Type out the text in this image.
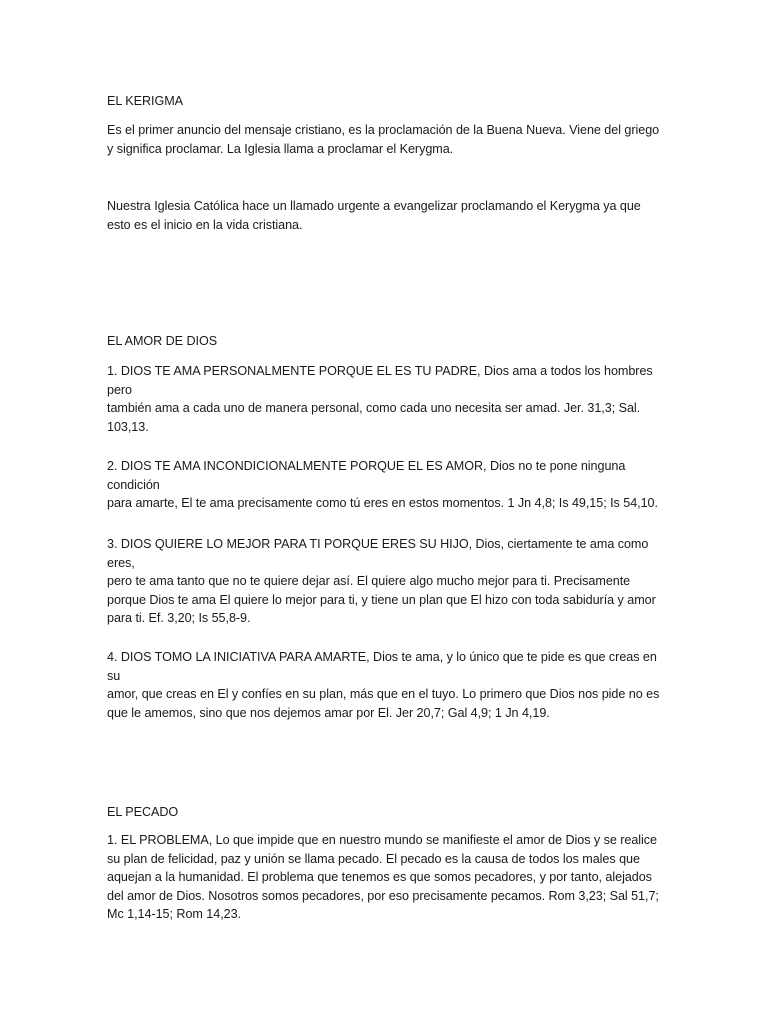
EL KERIGMA

Es el primer anuncio del mensaje cristiano, es la proclamación de la Buena Nueva. Viene del griego
y significa proclamar. La Iglesia llama a proclamar el Kerygma.

Nuestra Iglesia Católica hace un llamado urgente a evangelizar proclamando el Kerygma ya que
esto es el inicio en la vida cristiana.

EL AMOR DE DIOS

1. DIOS TE AMA PERSONALMENTE PORQUE EL ES TU PADRE, Dios ama a todos los hombres pero
también ama a cada uno de manera personal, como cada uno necesita ser amad. Jer. 31,3; Sal.
103,13.

2. DIOS TE AMA INCONDICIONALMENTE PORQUE EL ES AMOR, Dios no te pone ninguna condición
para amarte, El te ama precisamente como tú eres en estos momentos. 1 Jn 4,8; Is 49,15; Is 54,10.

3. DIOS QUIERE LO MEJOR PARA TI PORQUE ERES SU HIJO, Dios, ciertamente te ama como eres,
pero te ama tanto que no te quiere dejar así. El quiere algo mucho mejor para ti. Precisamente
porque Dios te ama El quiere lo mejor para ti, y tiene un plan que El hizo con toda sabiduría y amor
para ti. Ef. 3,20; Is 55,8-9.

4. DIOS TOMO LA INICIATIVA PARA AMARTE, Dios te ama, y lo único que te pide es que creas en su
amor, que creas en El y confíes en su plan, más que en el tuyo. Lo primero que Dios nos pide no es
que le amemos, sino que nos dejemos amar por El. Jer 20,7; Gal 4,9; 1 Jn 4,19.

EL PECADO

1. EL PROBLEMA, Lo que impide que en nuestro mundo se manifieste el amor de Dios y se realice
su plan de felicidad, paz y unión se llama pecado. El pecado es la causa de todos los males que
aquejan a la humanidad. El problema que tenemos es que somos pecadores, y por tanto, alejados
del amor de Dios. Nosotros somos pecadores, por eso precisamente pecamos. Rom 3,23; Sal 51,7;
Mc 1,14-15; Rom 14,23.
